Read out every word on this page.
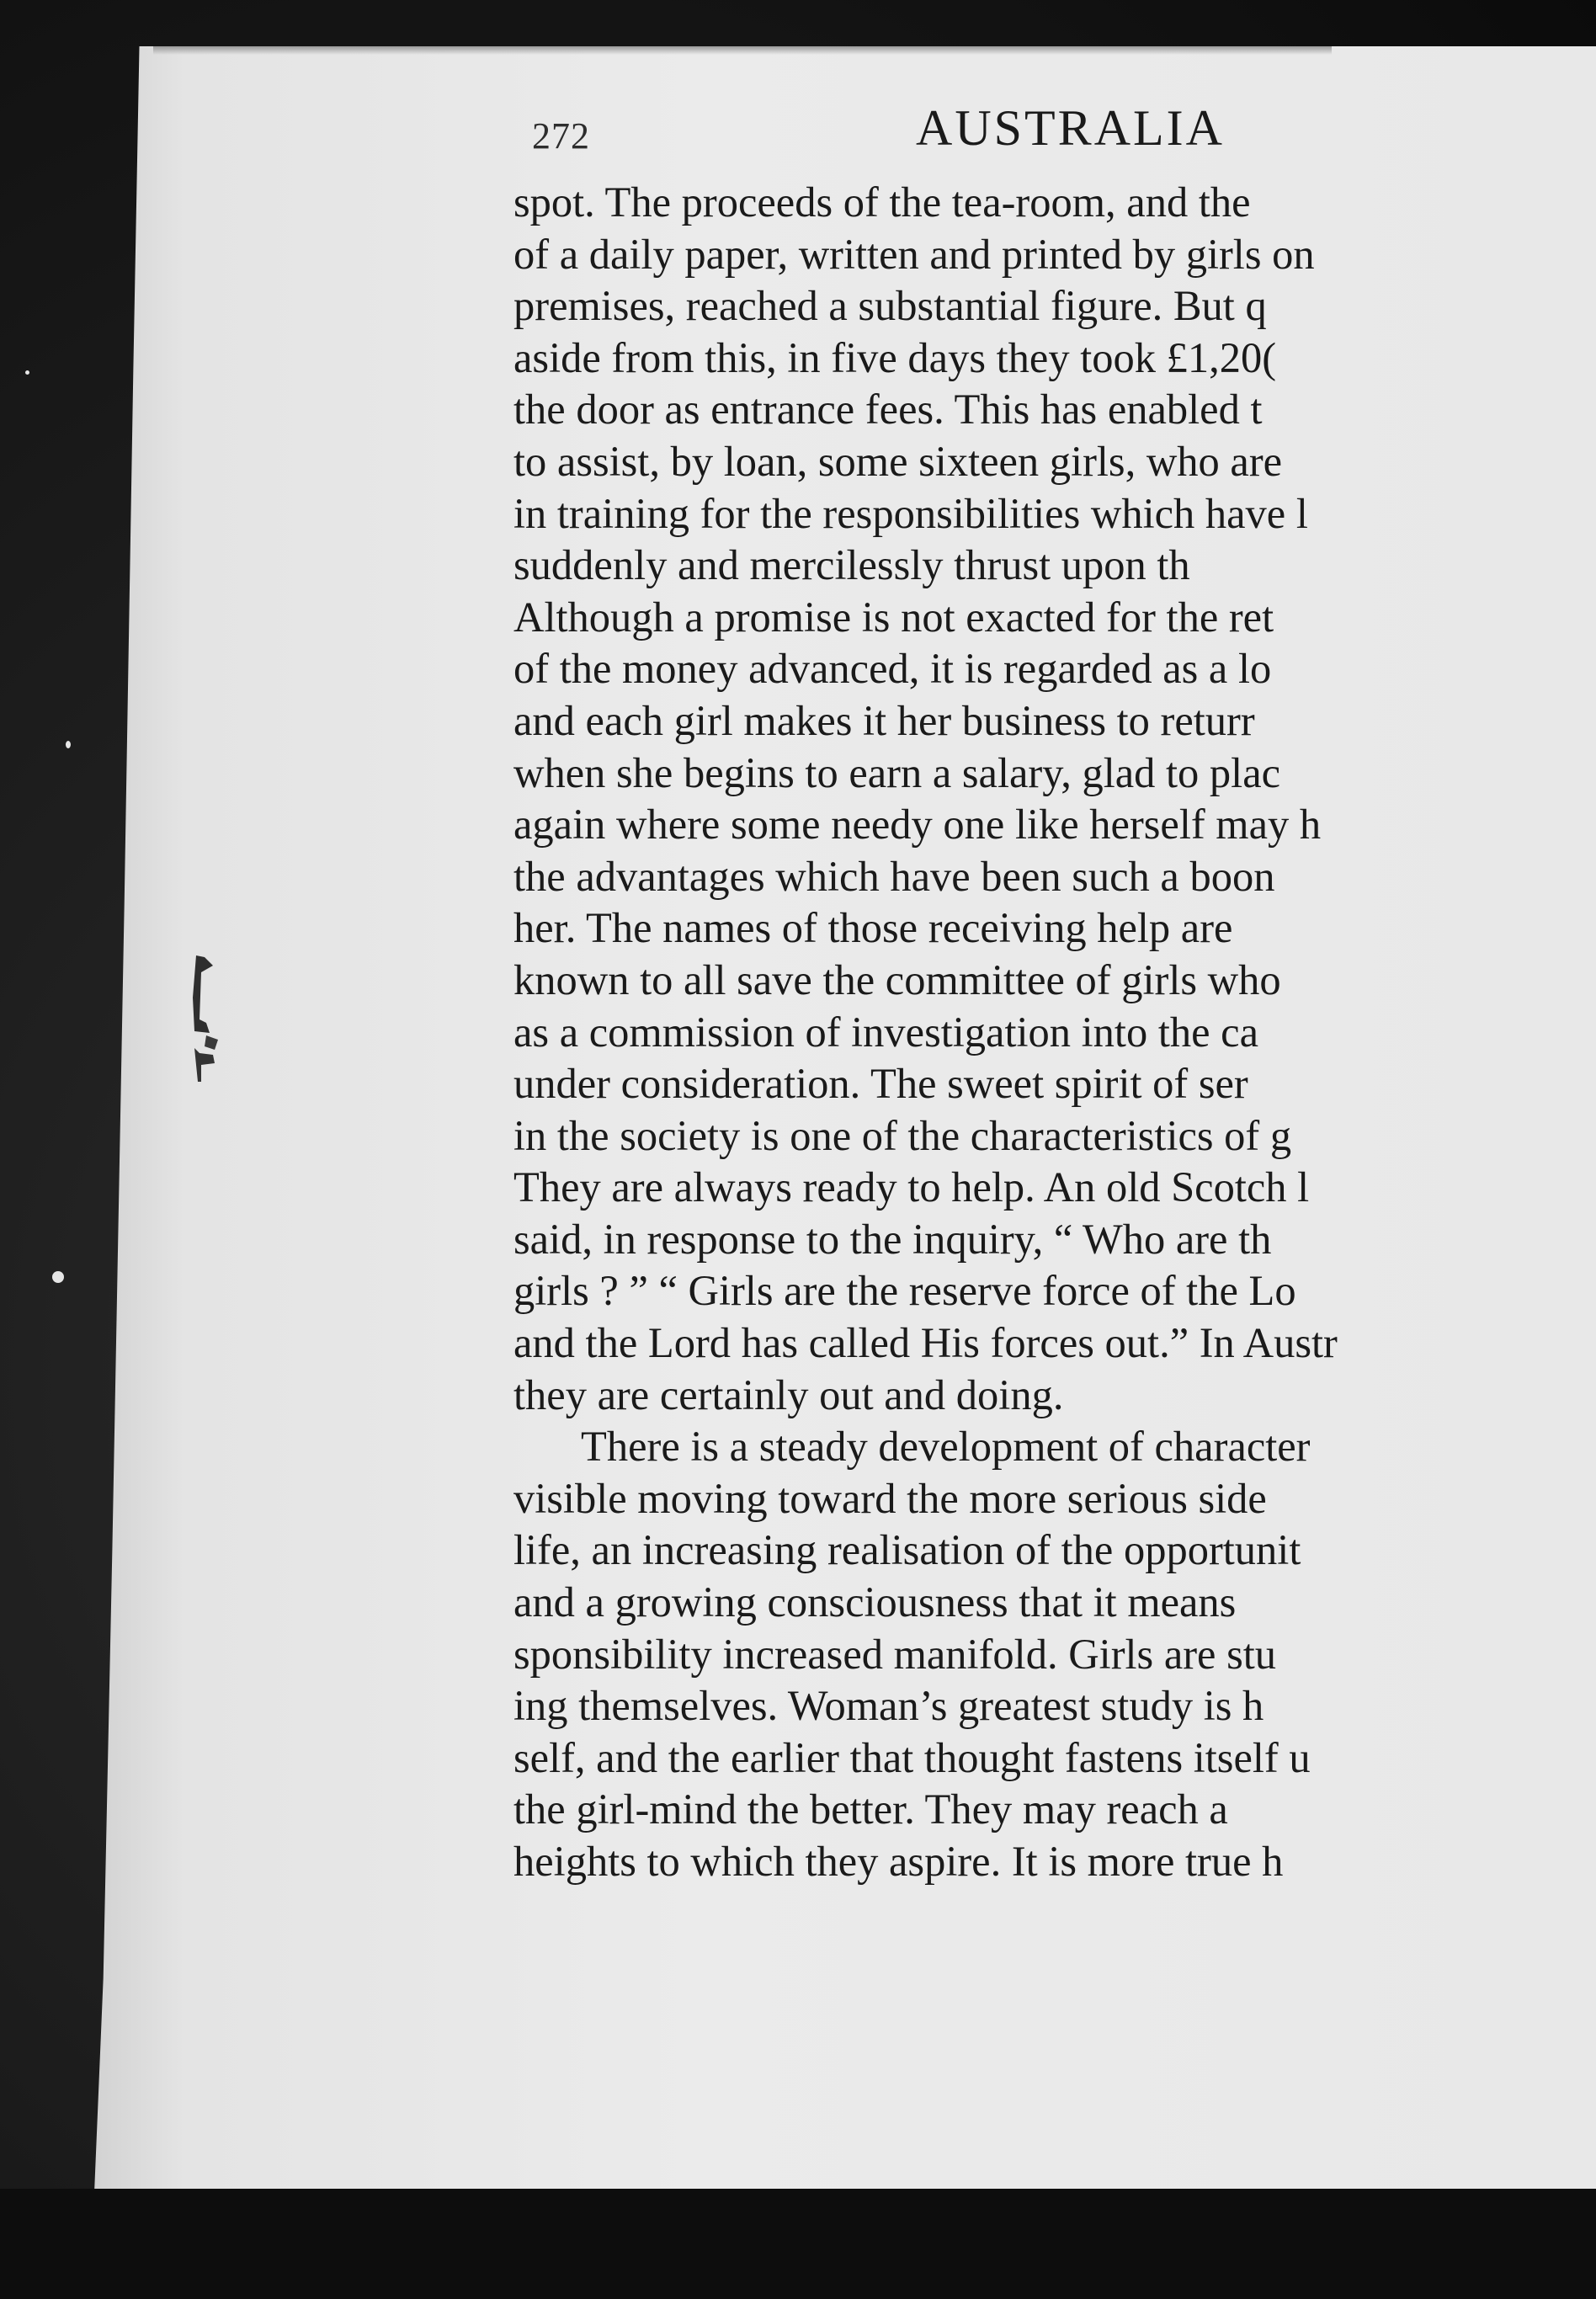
272	AUSTRALIA
spot. The proceeds of the tea-room, and the
of a daily paper, written and printed by girls on
premises, reached a substantial figure. But q
aside from this, in five days they took £1,20(
the door as entrance fees. This has enabled t
to assist, by loan, some sixteen girls, who are
in training for the responsibilities which have l
suddenly and mercilessly thrust upon th
Although a promise is not exacted for the ret
of the money advanced, it is regarded as a lo
and each girl makes it her business to returr
when she begins to earn a salary, glad to plac
again where some needy one like herself may h
the advantages which have been such a boon
her. The names of those receiving help are
known to all save the committee of girls who
as a commission of investigation into the ca
under consideration. The sweet spirit of ser
in the society is one of the characteristics of g
They are always ready to help. An old Scotch l
said, in response to the inquiry, “ Who are th
girls ? ” “ Girls are the reserve force of the Lo
and the Lord has called His forces out.” In Austr
they are certainly out and doing.
There is a steady development of character
visible moving toward the more serious side
life, an increasing realisation of the opportunit
and a growing consciousness that it means
sponsibility increased manifold. Girls are stu
ing themselves. Woman’s greatest study is h
self, and the earlier that thought fastens itself u
the girl-mind the better. They may reach a
heights to which they aspire. It is more true h
